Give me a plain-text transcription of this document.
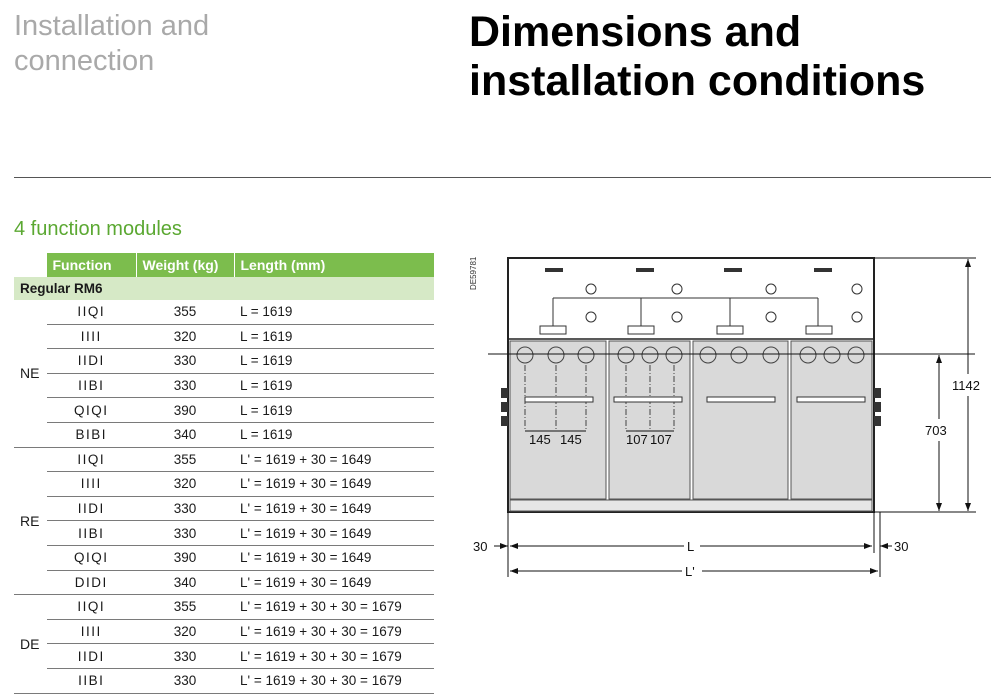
Installation and connection
Dimensions and installation conditions
4 function modules
	Function	Weight (kg)	Length (mm)
Regular RM6			
NE	IIQI	355	L = 1619
	IIII	320	L = 1619
	IIDI	330	L = 1619
	IIBI	330	L = 1619
	QIQI	390	L = 1619
	BIBI	340	L = 1619
RE	IIQI	355	L' = 1619 + 30 = 1649
	IIII	320	L' = 1619 + 30 = 1649
	IIDI	330	L' = 1619 + 30 = 1649
	IIBI	330	L' = 1619 + 30 = 1649
	QIQI	390	L' = 1619 + 30 = 1649
	DIDI	340	L' = 1619 + 30 = 1649
DE	IIQI	355	L' = 1619 + 30 + 30 = 1679
	IIII	320	L' = 1619 + 30 + 30 = 1679
	IIDI	330	L' = 1619 + 30 + 30 = 1679
	IIBI	330	L' = 1619 + 30 + 30 = 1679
DE59781
145 145	107 107
1142
703
30	30
L
L'
